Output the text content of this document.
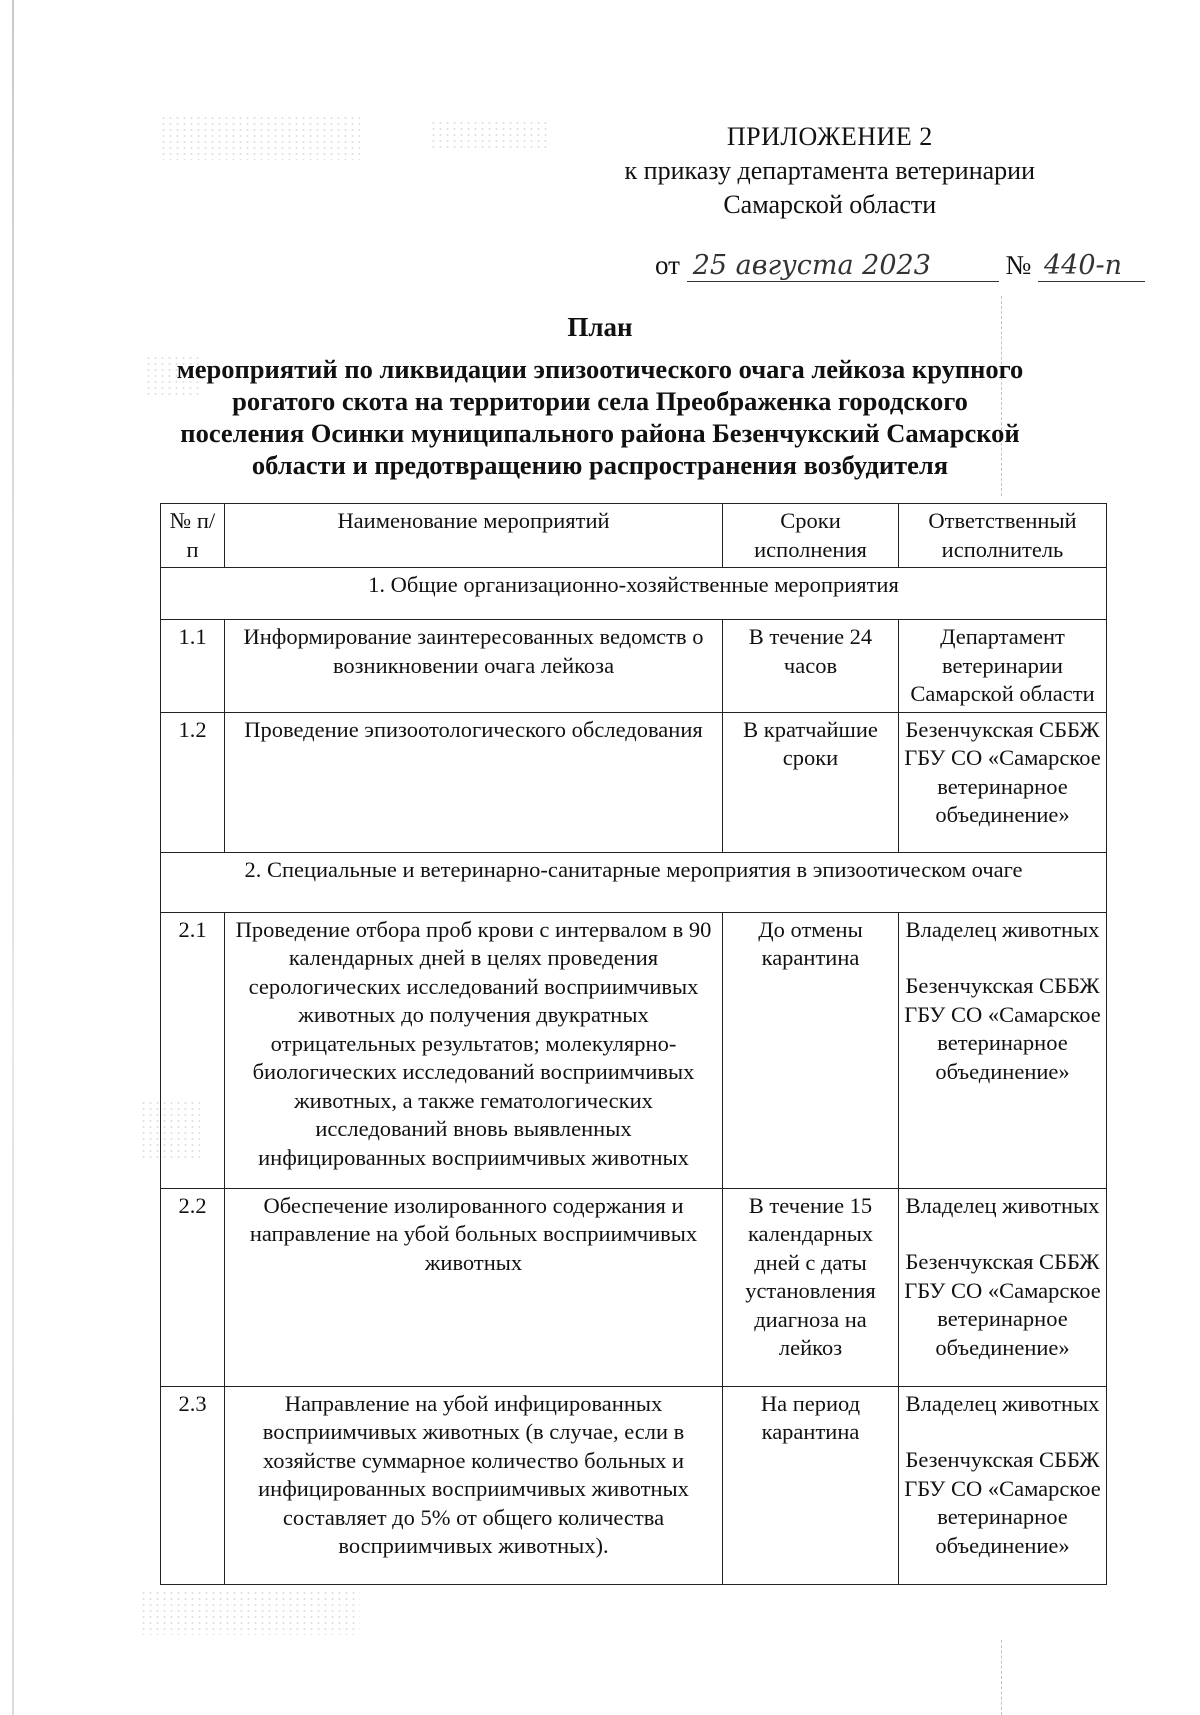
ПРИЛОЖЕНИЕ 2
к приказу департамента ветеринарии
Самарской области
от 25 августа 2023	№ 440-п
План
мероприятий по ликвидации эпизоотического очага лейкоза крупного рогатого скота на территории села Преображенка городского поселения Осинки муниципального района Безенчукский Самарской области и предотвращению распространения возбудителя
№ п/п	Наименование мероприятий	Сроки исполнения	Ответственный исполнитель
1. Общие организационно-хозяйственные мероприятия			
1.1	Информирование заинтересованных ведомств о возникновении очага лейкоза	В течение 24 часов	Департамент ветеринарии Самарской области
1.2	Проведение эпизоотологического обследования	В кратчайшие сроки	Безенчукская СББЖ ГБУ СО «Самарское ветеринарное объединение»
2. Специальные и ветеринарно-санитарные мероприятия в эпизоотическом очаге			
2.1	Проведение отбора проб крови с интервалом в 90 календарных дней в целях проведения серологических исследований восприимчивых животных до получения двукратных отрицательных результатов; молекулярно-биологических исследований восприимчивых животных, а также гематологических исследований вновь выявленных инфицированных восприимчивых животных	До отмены карантина	Владелец животных
Безенчукская СББЖ ГБУ СО «Самарское ветеринарное объединение»

2.2	Обеспечение изолированного содержания и направление на убой больных восприимчивых животных	В течение 15 календарных дней с даты установления диагноза на лейкоз	Владелец животных
Безенчукская СББЖ ГБУ СО «Самарское ветеринарное объединение»

2.3	Направление на убой инфицированных восприимчивых животных (в случае, если в хозяйстве суммарное количество больных и инфицированных восприимчивых животных составляет до 5% от общего количества восприимчивых животных).	На период карантина	Владелец животных
Безенчукская СББЖ ГБУ СО «Самарское ветеринарное объединение»
